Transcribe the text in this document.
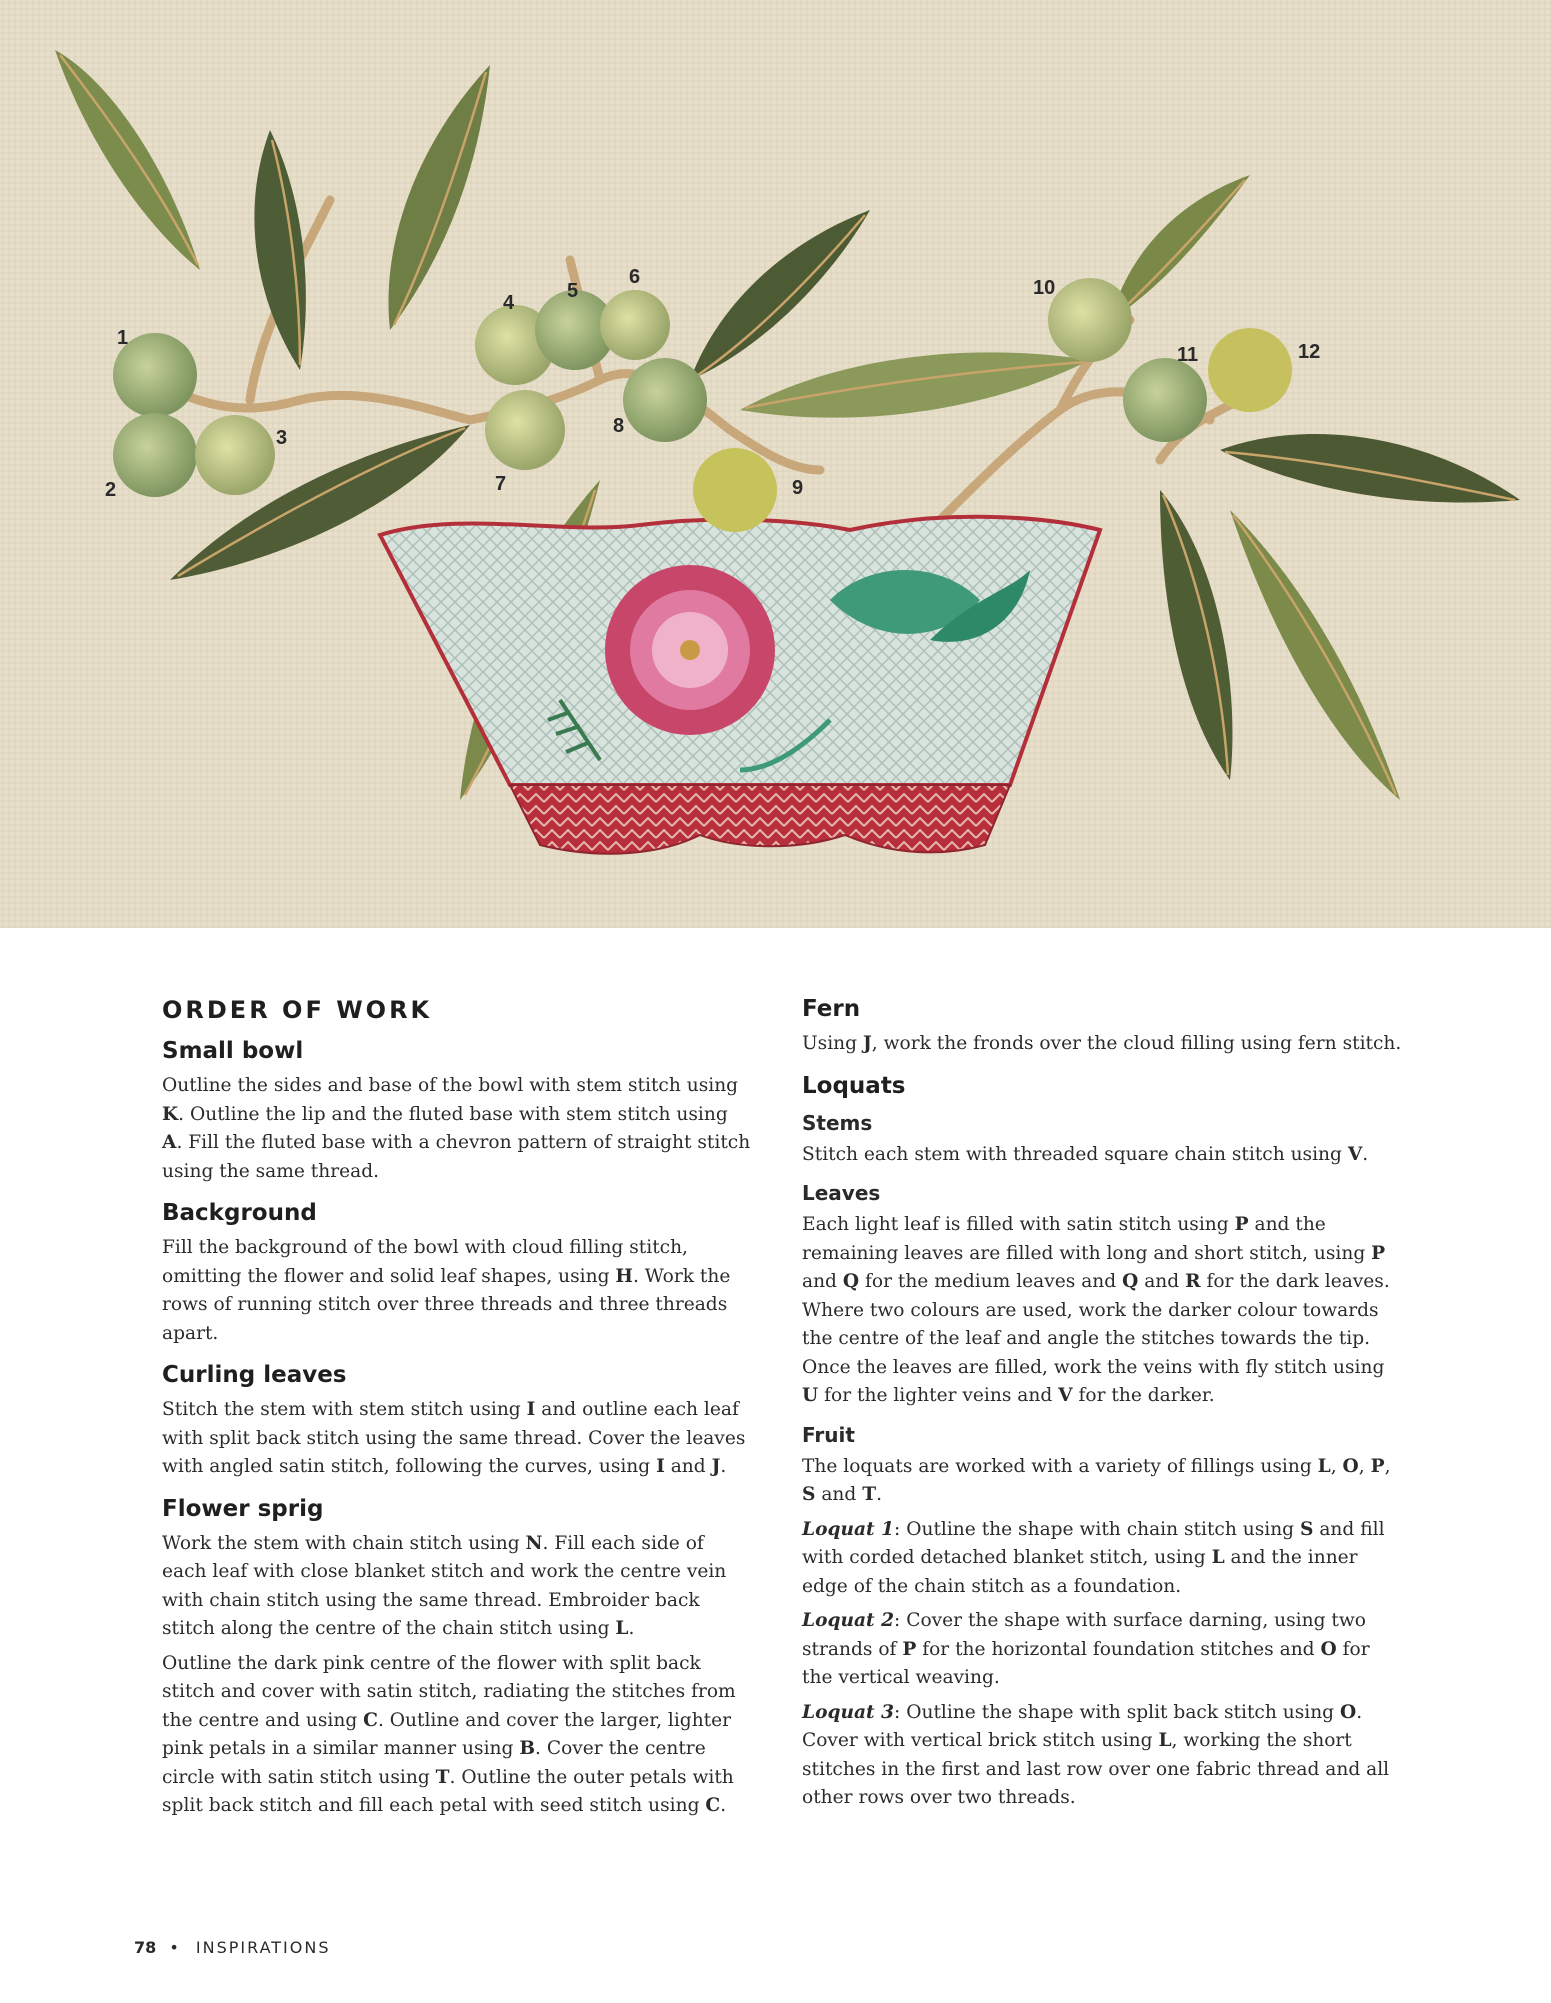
1
2
3
4
5
6
7
8
9
10
11	12
ORDER OF WORK
Small bowl

Outline the sides and base of the bowl with stem stitch using K. Outline the lip and the fluted base with stem stitch using A. Fill the fluted base with a chevron pattern of straight stitch using the same thread.

Background

Fill the background of the bowl with cloud filling stitch, omitting the flower and solid leaf shapes, using H. Work the rows of running stitch over three threads and three threads apart.

Curling leaves

Stitch the stem with stem stitch using I and outline each leaf with split back stitch using the same thread. Cover the leaves with angled satin stitch, following the curves, using I and J.

Flower sprig

Work the stem with chain stitch using N. Fill each side of each leaf with close blanket stitch and work the centre vein with chain stitch using the same thread. Embroider back stitch along the centre of the chain stitch using L.

Outline the dark pink centre of the flower with split back stitch and cover with satin stitch, radiating the stitches from the centre and using C. Outline and cover the larger, lighter pink petals in a similar manner using B. Cover the centre circle with satin stitch using T. Outline the outer petals with split back stitch and fill each petal with seed stitch using C.

Fern

Using J, work the fronds over the cloud filling using fern stitch.

Loquats
Stems

Stitch each stem with threaded square chain stitch using V.

Leaves

Each light leaf is filled with satin stitch using P and the remaining leaves are filled with long and short stitch, using P and Q for the medium leaves and Q and R for the dark leaves. Where two colours are used, work the darker colour towards the centre of the leaf and angle the stitches towards the tip. Once the leaves are filled, work the veins with fly stitch using U for the lighter veins and V for the darker.

Fruit

The loquats are worked with a variety of fillings using L, O, P, S and T.

Loquat 1: Outline the shape with chain stitch using S and fill with corded detached blanket stitch, using L and the inner edge of the chain stitch as a foundation.

Loquat 2: Cover the shape with surface darning, using two strands of P for the horizontal foundation stitches and O for the vertical weaving.

Loquat 3: Outline the shape with split back stitch using O. Cover with vertical brick stitch using L, working the short stitches in the first and last row over one fabric thread and all other rows over two threads.

78 • INSPIRATIONS
